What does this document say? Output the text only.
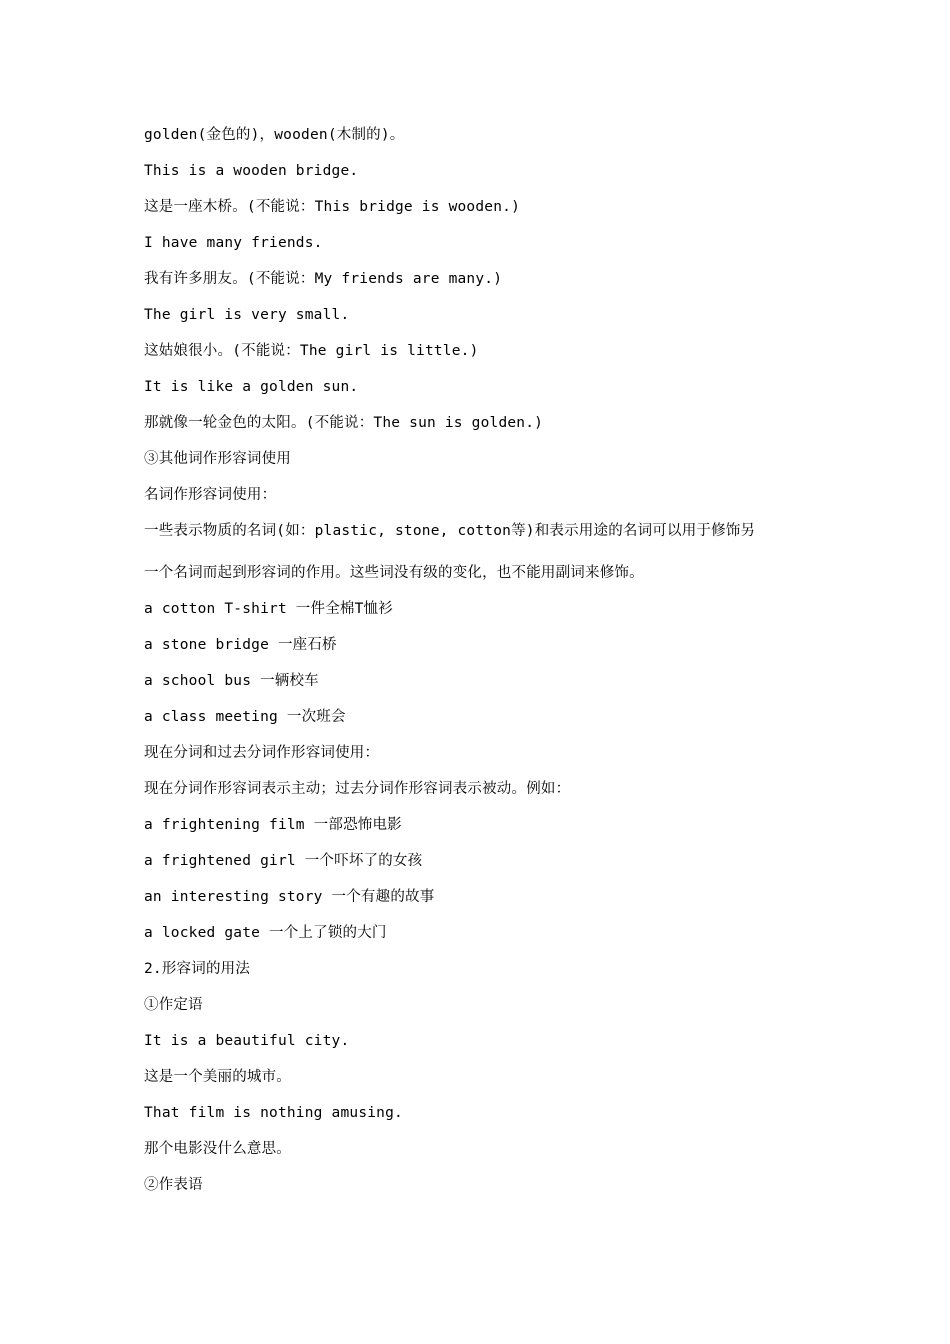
golden(金色的)，wooden(木制的)。
This is a wooden bridge.
这是一座木桥。(不能说：This bridge is wooden.)
I have many friends.
我有许多朋友。(不能说：My friends are many.)
The girl is very small.
这姑娘很小。(不能说：The girl is little.)
It is like a golden sun.
那就像一轮金色的太阳。(不能说：The sun is golden.)
③其他词作形容词使用
名词作形容词使用：
一些表示物质的名词(如：plastic, stone, cotton等)和表示用途的名词可以用于修饰另
一个名词而起到形容词的作用。这些词没有级的变化，也不能用副词来修饰。
a cotton T-shirt 一件全棉T恤衫
a stone bridge 一座石桥
a school bus 一辆校车
a class meeting 一次班会
现在分词和过去分词作形容词使用：
现在分词作形容词表示主动；过去分词作形容词表示被动。例如：
a frightening film 一部恐怖电影
a frightened girl 一个吓坏了的女孩
an interesting story 一个有趣的故事
a locked gate 一个上了锁的大门
2.形容词的用法
①作定语
It is a beautiful city.
这是一个美丽的城市。
That film is nothing amusing.
那个电影没什么意思。
②作表语
